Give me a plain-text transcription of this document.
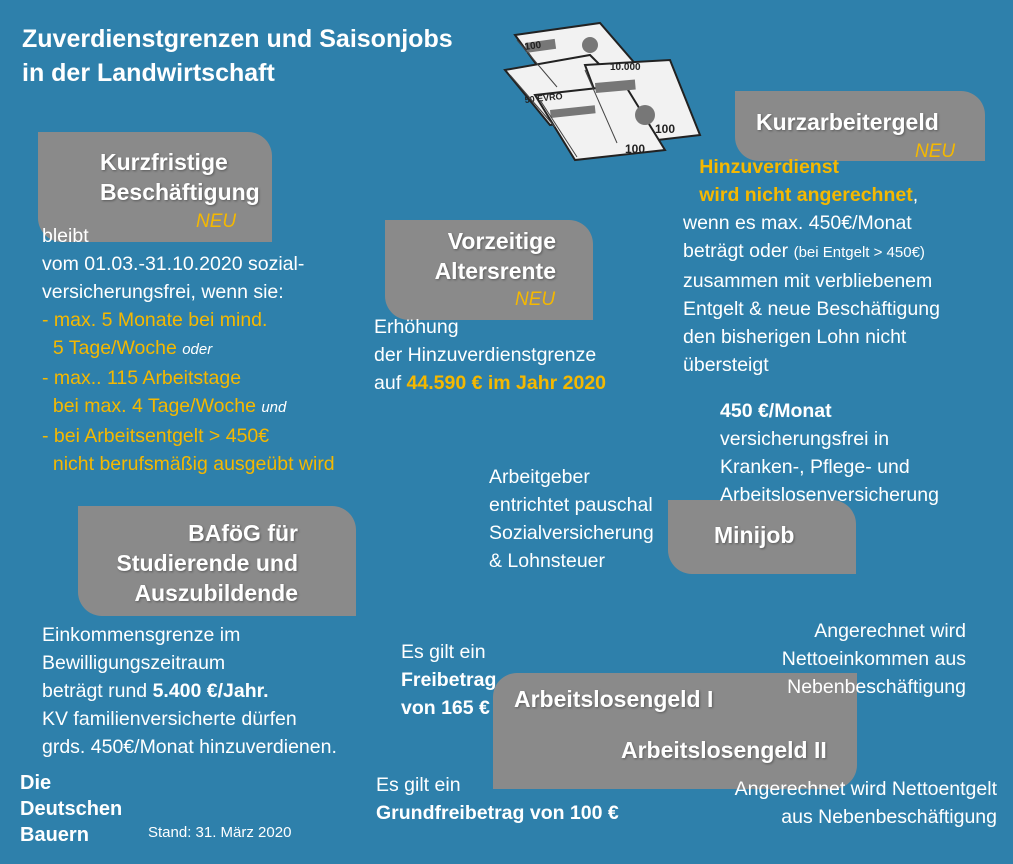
Zuverdienstgrenzen und Saisonjobs
in der Landwirtschaft
100
10.000
100
100
50 EVRO
Kurzfristige
Beschäftigung
NEU

bleibt

vom 01.03.-31.10.2020 sozial-

versicherungsfrei, wenn sie:

- max. 5 Monate bei mind.

5 Tage/Woche oder

- max.. 115 Arbeitstage

bei max. 4 Tage/Woche und

- bei Arbeitsentgelt > 450€

nicht berufsmäßig ausgeübt wird

Vorzeitige
Altersrente
NEU

Erhöhung

der Hinzuverdienstgrenze

auf 44.590 € im Jahr 2020

Kurzarbeitergeld
NEU

Hinzuverdienst

wird nicht angerechnet,

wenn es max. 450€/Monat

beträgt oder (bei Entgelt > 450€)

zusammen mit verbliebenem

Entgelt & neue Beschäftigung

den bisherigen Lohn nicht

übersteigt

Minijob

450 €/Monat

versicherungsfrei in

Kranken-, Pflege- und

Arbeitslosenversicherung

Arbeitgeber

entrichtet pauschal

Sozialversicherung

& Lohnsteuer

BAföG für
Studierende und
Auszubildende

Einkommensgrenze im

Bewilligungszeitraum

beträgt rund 5.400 €/Jahr.

KV familienversicherte dürfen

grds. 450€/Monat hinzuverdienen.

Arbeitslosengeld I
Arbeitslosengeld II

Es gilt ein

Freibetrag

von 165 €

Angerechnet wird

Nettoeinkommen aus

Nebenbeschäftigung

Es gilt ein

Grundfreibetrag von 100 €

Angerechnet wird Nettoentgelt

aus Nebenbeschäftigung

Die
Deutschen
Bauern	Stand: 31. März 2020
